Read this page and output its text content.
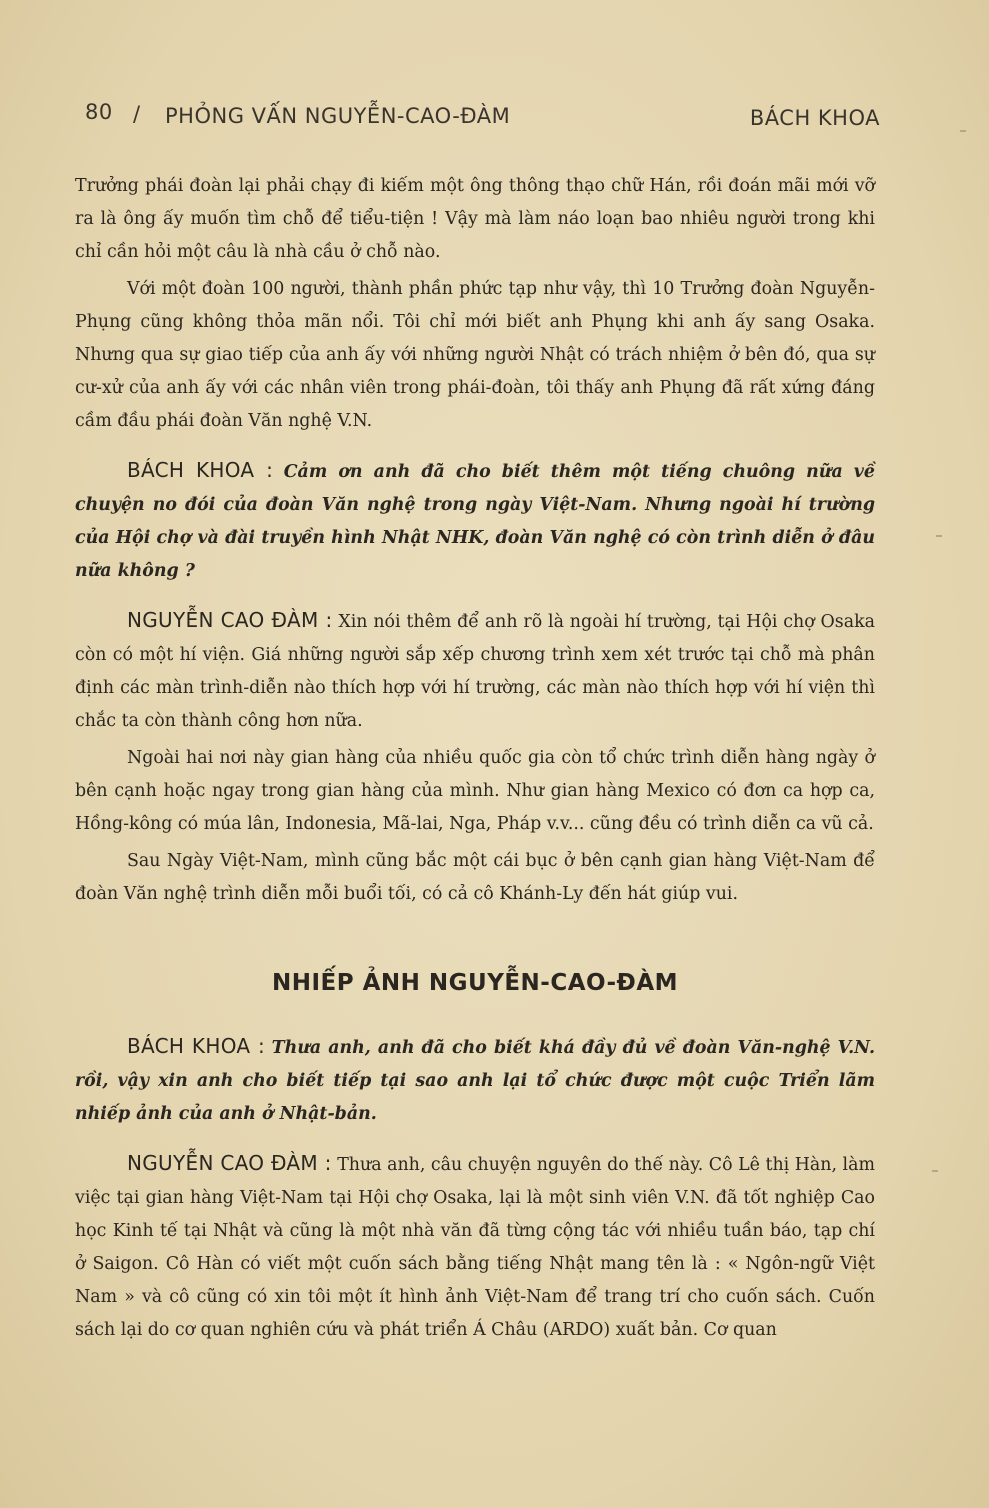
80 / PHỎNG VẤN NGUYỄN-CAO-ĐÀM	BÁCH KHOA

Trưởng phái đoàn lại phải chạy đi kiếm một ông thông thạo chữ Hán, rồi đoán mãi mới vỡ ra là ông ấy muốn tìm chỗ để tiểu-tiện ! Vậy mà làm náo loạn bao nhiêu người trong khi chỉ cần hỏi một câu là nhà cầu ở chỗ nào.

Với một đoàn 100 người, thành phần phức tạp như vậy, thì 10 Trưởng đoàn Nguyễn-Phụng cũng không thỏa mãn nổi. Tôi chỉ mới biết anh Phụng khi anh ấy sang Osaka. Nhưng qua sự giao tiếp của anh ấy với những người Nhật có trách nhiệm ở bên đó, qua sự cư-xử của anh ấy với các nhân viên trong phái-đoàn, tôi thấy anh Phụng đã rất xứng đáng cầm đầu phái đoàn Văn nghệ V.N.

BÁCH KHOA : Cảm ơn anh đã cho biết thêm một tiếng chuông nữa về chuyện no đói của đoàn Văn nghệ trong ngày Việt-Nam. Nhưng ngoài hí trường của Hội chợ và đài truyền hình Nhật NHK, đoàn Văn nghệ có còn trình diễn ở đâu nữa không ?

NGUYỄN CAO ĐÀM : Xin nói thêm để anh rõ là ngoài hí trường, tại Hội chợ Osaka còn có một hí viện. Giá những người sắp xếp chương trình xem xét trước tại chỗ mà phân định các màn trình-diễn nào thích hợp với hí trường, các màn nào thích hợp với hí viện thì chắc ta còn thành công hơn nữa.

Ngoài hai nơi này gian hàng của nhiều quốc gia còn tổ chức trình diễn hàng ngày ở bên cạnh hoặc ngay trong gian hàng của mình. Như gian hàng Mexico có đơn ca hợp ca, Hồng-kông có múa lân, Indonesia, Mã-lai, Nga, Pháp v.v... cũng đều có trình diễn ca vũ cả.

Sau Ngày Việt-Nam, mình cũng bắc một cái bục ở bên cạnh gian hàng Việt-Nam để đoàn Văn nghệ trình diễn mỗi buổi tối, có cả cô Khánh-Ly đến hát giúp vui.

NHIẾP ẢNH NGUYỄN-CAO-ĐÀM

BÁCH KHOA : Thưa anh, anh đã cho biết khá đầy đủ về đoàn Văn-nghệ V.N. rồi, vậy xin anh cho biết tiếp tại sao anh lại tổ chức được một cuộc Triển lãm nhiếp ảnh của anh ở Nhật-bản.

NGUYỄN CAO ĐÀM : Thưa anh, câu chuyện nguyên do thế này. Cô Lê thị Hàn, làm việc tại gian hàng Việt-Nam tại Hội chợ Osaka, lại là một sinh viên V.N. đã tốt nghiệp Cao học Kinh tế tại Nhật và cũng là một nhà văn đã từng cộng tác với nhiều tuần báo, tạp chí ở Saigon. Cô Hàn có viết một cuốn sách bằng tiếng Nhật mang tên là : « Ngôn-ngữ Việt Nam » và cô cũng có xin tôi một ít hình ảnh Việt-Nam để trang trí cho cuốn sách. Cuốn sách lại do cơ quan nghiên cứu và phát triển Á Châu (ARDO) xuất bản. Cơ quan
